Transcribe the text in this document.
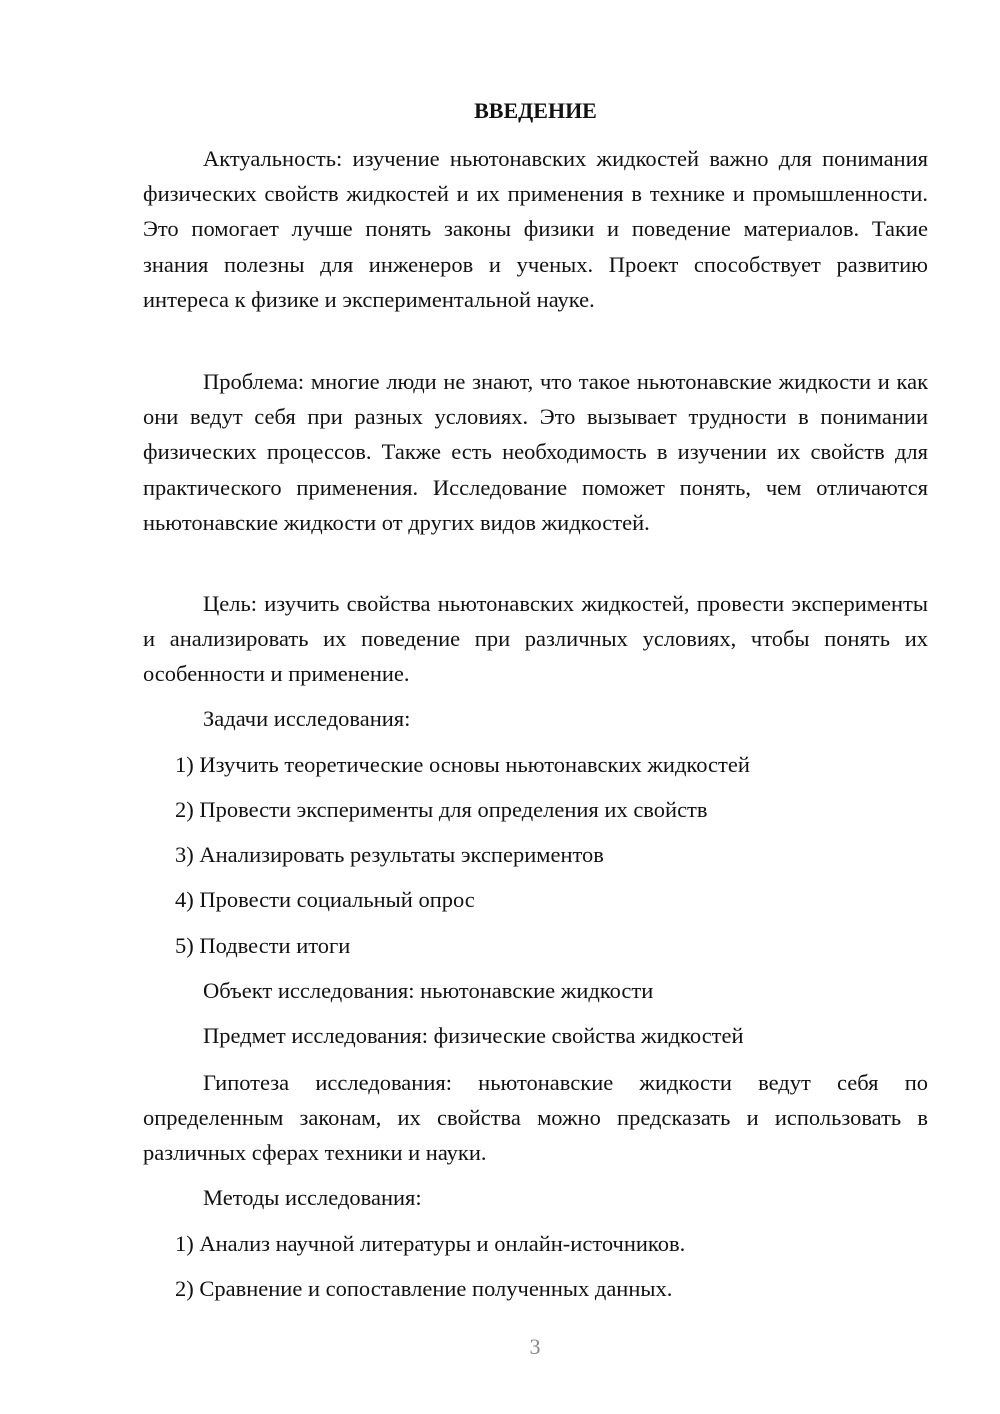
ВВЕДЕНИЕ
Актуальность: изучение ньютонавских жидкостей важно для понимания физических свойств жидкостей и их применения в технике и промышленности. Это помогает лучше понять законы физики и поведение материалов. Такие знания полезны для инженеров и ученых. Проект способствует развитию интереса к физике и экспериментальной науке.
Проблема: многие люди не знают, что такое ньютонавские жидкости и как они ведут себя при разных условиях. Это вызывает трудности в понимании физических процессов. Также есть необходимость в изучении их свойств для практического применения. Исследование поможет понять, чем отличаются ньютонавские жидкости от других видов жидкостей.
Цель: изучить свойства ньютонавских жидкостей, провести эксперименты и анализировать их поведение при различных условиях, чтобы понять их особенности и применение.
Задачи исследования:
1) Изучить теоретические основы ньютонавских жидкостей
2) Провести эксперименты для определения их свойств
3) Анализировать результаты экспериментов
4) Провести социальный опрос
5) Подвести итоги
Объект исследования: ньютонавские жидкости
Предмет исследования: физические свойства жидкостей
Гипотеза исследования: ньютонавские жидкости ведут себя по определенным законам, их свойства можно предсказать и использовать в различных сферах техники и науки.
Методы исследования:
1) Анализ научной литературы и онлайн-источников.
2) Сравнение и сопоставление полученных данных.
3
